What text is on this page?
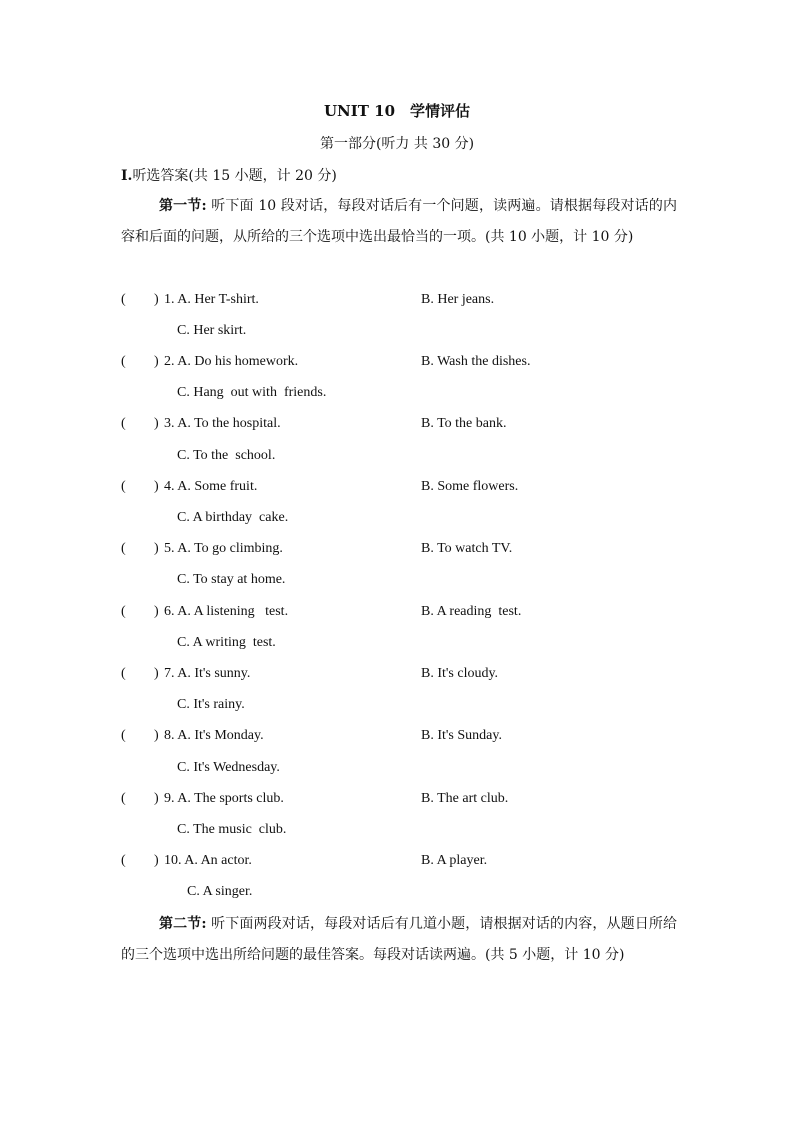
UNIT 10　学情评估
第一部分(听力 共 30 分)
Ⅰ.听选答案(共 15 小题，计 20 分)
第一节: 听下面 10 段对话，每段对话后有一个问题，读两遍。请根据每段对话的内容和后面的问题，从所给的三个选项中选出最恰当的一项。(共 10 小题，计 10 分)
( ) 1. A. Her T-shirt.	B. Her jeans.
C. Her skirt.
( ) 2. A. Do his homework.	B. Wash the dishes.
C. Hang  out with  friends.
( ) 3. A. To the hospital.	B. To the bank.
C. To the  school.
( ) 4. A. Some fruit.	B. Some flowers.
C. A birthday  cake.
( ) 5. A. To go climbing.	B. To watch TV.
C. To stay at home.
( ) 6. A. A listening   test.	B. A reading  test.
C. A writing  test.
( ) 7. A. It's sunny.	B. It's cloudy.
C. It's rainy.
( ) 8. A. It's Monday.	B. It's Sunday.
C. It's Wednesday.
( ) 9. A. The sports club.	B. The art club.
C. The music  club.
( ) 10. A. An actor.	B. A player.
C. A singer.
第二节: 听下面两段对话，每段对话后有几道小题，请根据对话的内容，从题日所给的三个选项中选出所给问题的最佳答案。每段对话读两遍。(共 5 小题，计 10 分)
